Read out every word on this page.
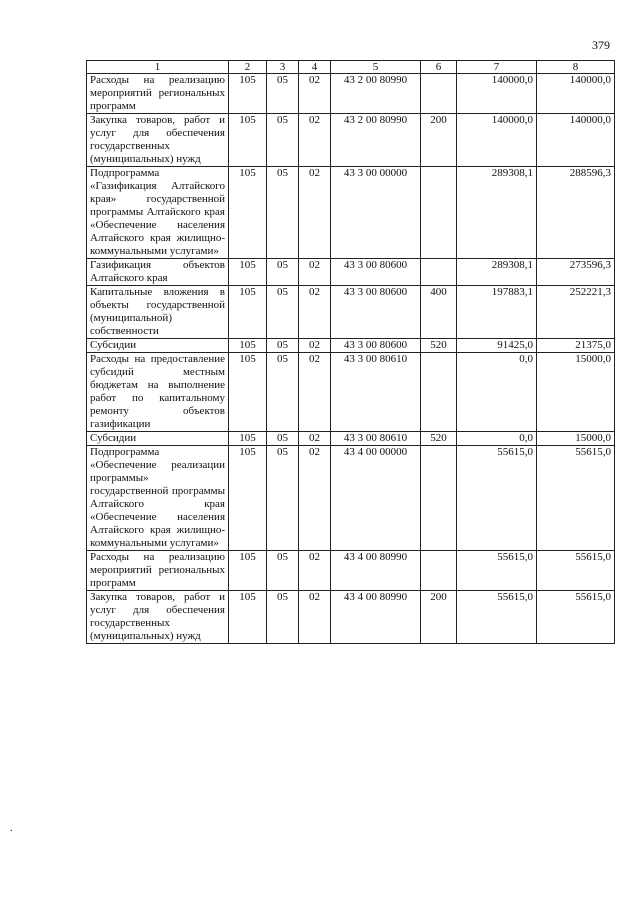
379
1	2	3	4	5	6	7	8
Расходы на реализацию мероприятий региональных программ	105	05	02	43 2 00 80990		140000,0	140000,0
Закупка товаров, работ и услуг для обеспечения государственных (муниципальных) нужд	105	05	02	43 2 00 80990	200	140000,0	140000,0
Подпрограмма «Газификация Алтайского края» государственной программы Алтайского края «Обеспечение населения Алтайского края жилищно-коммунальными услугами»	105	05	02	43 3 00 00000		289308,1	288596,3
Газификация объектов Алтайского края	105	05	02	43 3 00 80600		289308,1	273596,3
Капитальные вложения в объекты государственной (муниципальной) собственности	105	05	02	43 3 00 80600	400	197883,1	252221,3
Субсидии	105	05	02	43 3 00 80600	520	91425,0	21375,0
Расходы на предоставление субсидий местным бюджетам на выполнение работ по капитальному ремонту объектов газификации	105	05	02	43 3 00 80610		0,0	15000,0
Субсидии	105	05	02	43 3 00 80610	520	0,0	15000,0
Подпрограмма «Обеспечение реализации программы» государственной программы Алтайского края «Обеспечение населения Алтайского края жилищно-коммунальными услугами»	105	05	02	43 4 00 00000		55615,0	55615,0
Расходы на реализацию мероприятий региональных программ	105	05	02	43 4 00 80990		55615,0	55615,0
Закупка товаров, работ и услуг для обеспечения государственных (муниципальных) нужд	105	05	02	43 4 00 80990	200	55615,0	55615,0
.
